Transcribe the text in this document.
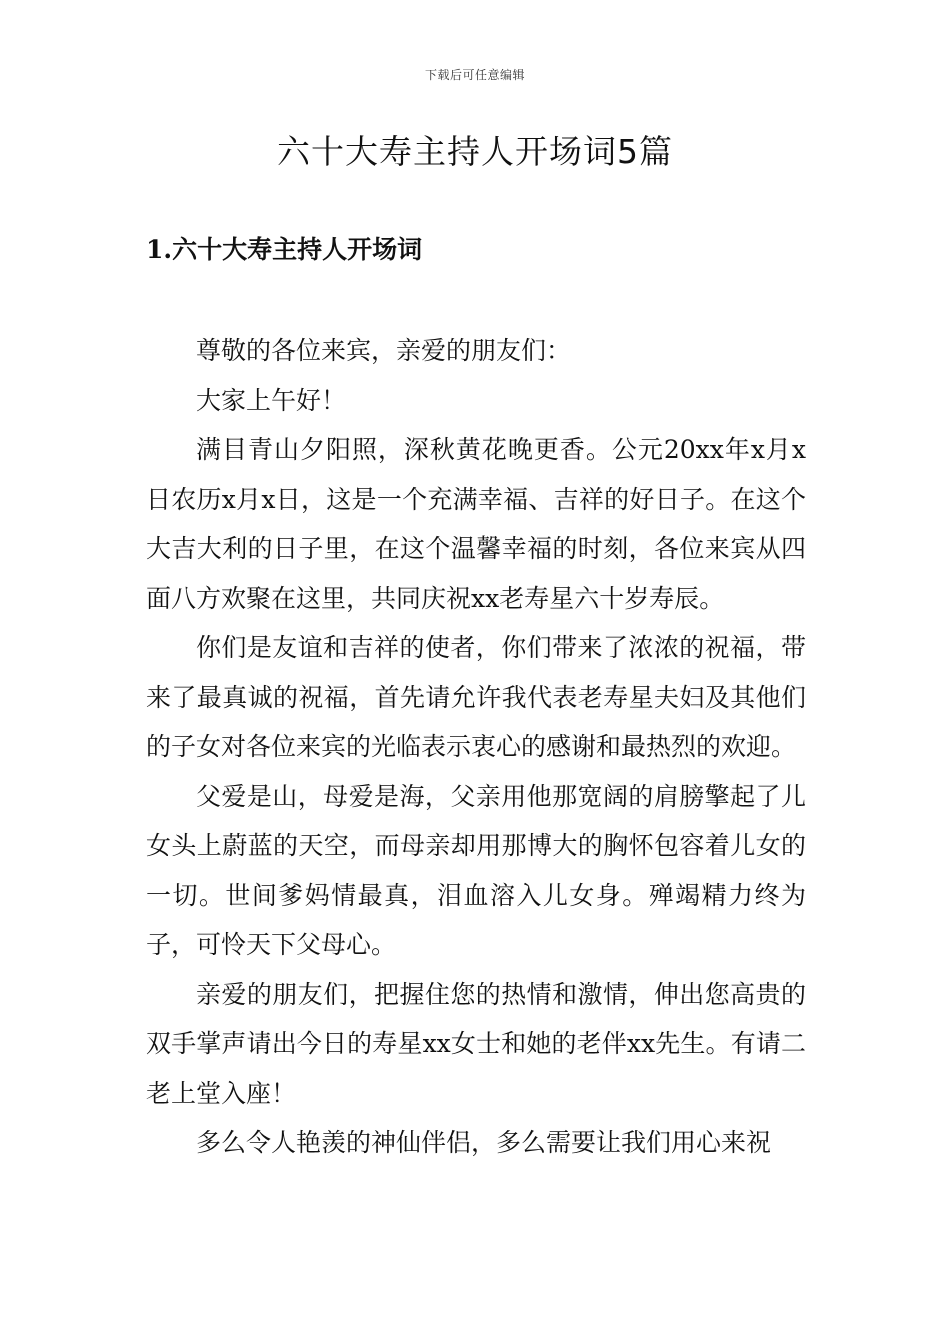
下载后可任意编辑
六十大寿主持人开场词5篇
1.六十大寿主持人开场词

尊敬的各位来宾，亲爱的朋友们：

大家上午好！

满目青山夕阳照，深秋黄花晚更香。公元20xx年x月x日农历x月x日，这是一个充满幸福、吉祥的好日子。在这个大吉大利的日子里，在这个温馨幸福的时刻，各位来宾从四面八方欢聚在这里，共同庆祝xx老寿星六十岁寿辰。

你们是友谊和吉祥的使者，你们带来了浓浓的祝福，带来了最真诚的祝福，首先请允许我代表老寿星夫妇及其他们的子女对各位来宾的光临表示衷心的感谢和最热烈的欢迎。

父爱是山，母爱是海，父亲用他那宽阔的肩膀擎起了儿女头上蔚蓝的天空，而母亲却用那博大的胸怀包容着儿女的一切。世间爹妈情最真，泪血溶入儿女身。殚竭精力终为子，可怜天下父母心。

亲爱的朋友们，把握住您的热情和激情，伸出您高贵的双手掌声请出今日的寿星xx女士和她的老伴xx先生。有请二老上堂入座！

多么令人艳羡的神仙伴侣，多么需要让我们用心来祝
